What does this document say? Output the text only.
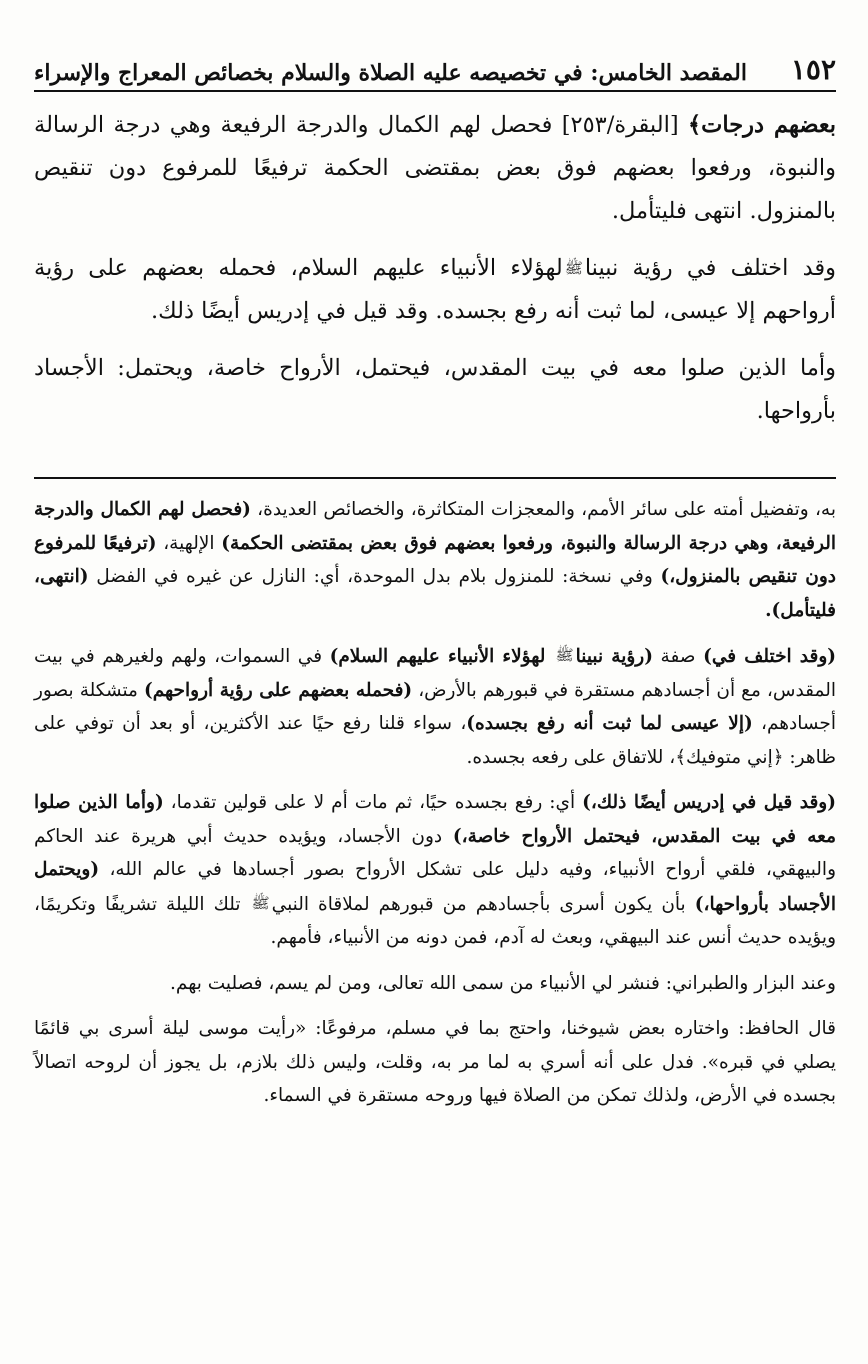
١٥٢
المقصد الخامس: في تخصيصه عليه الصلاة والسلام بخصائص المعراج والإسراء

بعضهم درجات﴾ [البقرة/٢٥٣] فحصل لهم الكمال والدرجة الرفيعة وهي درجة الرسالة والنبوة، ورفعوا بعضهم فوق بعض بمقتضى الحكمة ترفيعًا للمرفوع دون تنقيص بالمنزول. انتهى فليتأمل.

وقد اختلف في رؤية نبيناﷺلهؤلاء الأنبياء عليهم السلام، فحمله بعضهم على رؤية أرواحهم إلا عيسى، لما ثبت أنه رفع بجسده. وقد قيل في إدريس أيضًا ذلك.

وأما الذين صلوا معه في بيت المقدس، فيحتمل، الأرواح خاصة، ويحتمل: الأجساد بأرواحها.

به، وتفضيل أمته على سائر الأمم، والمعجزات المتكاثرة، والخصائص العديدة، (فحصل لهم الكمال والدرجة الرفيعة، وهي درجة الرسالة والنبوة، ورفعوا بعضهم فوق بعض بمقتضى الحكمة) الإلهية، (ترفيعًا للمرفوع دون تنقيص بالمنزول،) وفي نسخة: للمنزول بلام بدل الموحدة، أي: النازل عن غيره في الفضل (انتهى، فليتأمل).

(وقد اختلف في) صفة (رؤية نبيناﷺ لهؤلاء الأنبياء عليهم السلام) في السموات، ولهم ولغيرهم في بيت المقدس، مع أن أجسادهم مستقرة في قبورهم بالأرض، (فحمله بعضهم على رؤية أرواحهم) متشكلة بصور أجسادهم، (إلا عيسى لما ثبت أنه رفع بجسده)، سواء قلنا رفع حيًا عند الأكثرين، أو بعد أن توفي على ظاهر: ﴿إني متوفيك﴾، للاتفاق على رفعه بجسده.

(وقد قيل في إدريس أيضًا ذلك،) أي: رفع بجسده حيًا، ثم مات أم لا على قولين تقدما، (وأما الذين صلوا معه في بيت المقدس، فيحتمل الأرواح خاصة،) دون الأجساد، ويؤيده حديث أبي هريرة عند الحاكم والبيهقي، فلقي أرواح الأنبياء، وفيه دليل على تشكل الأرواح بصور أجسادها في عالم الله، (ويحتمل الأجساد بأرواحها،) بأن يكون أسرى بأجسادهم من قبورهم لملاقاة النبيﷺ تلك الليلة تشريفًا وتكريمًا، ويؤيده حديث أنس عند البيهقي، وبعث له آدم، فمن دونه من الأنبياء، فأمهم.

وعند البزار والطبراني: فنشر لي الأنبياء من سمى الله تعالى، ومن لم يسم، فصليت بهم.

قال الحافظ: واختاره بعض شيوخنا، واحتج بما في مسلم، مرفوعًا: «رأيت موسى ليلة أسرى بي قائمًا يصلي في قبره». فدل على أنه أسري به لما مر به، وقلت، وليس ذلك بلازم، بل يجوز أن لروحه اتصالاً بجسده في الأرض، ولذلك تمكن من الصلاة فيها وروحه مستقرة في السماء.
